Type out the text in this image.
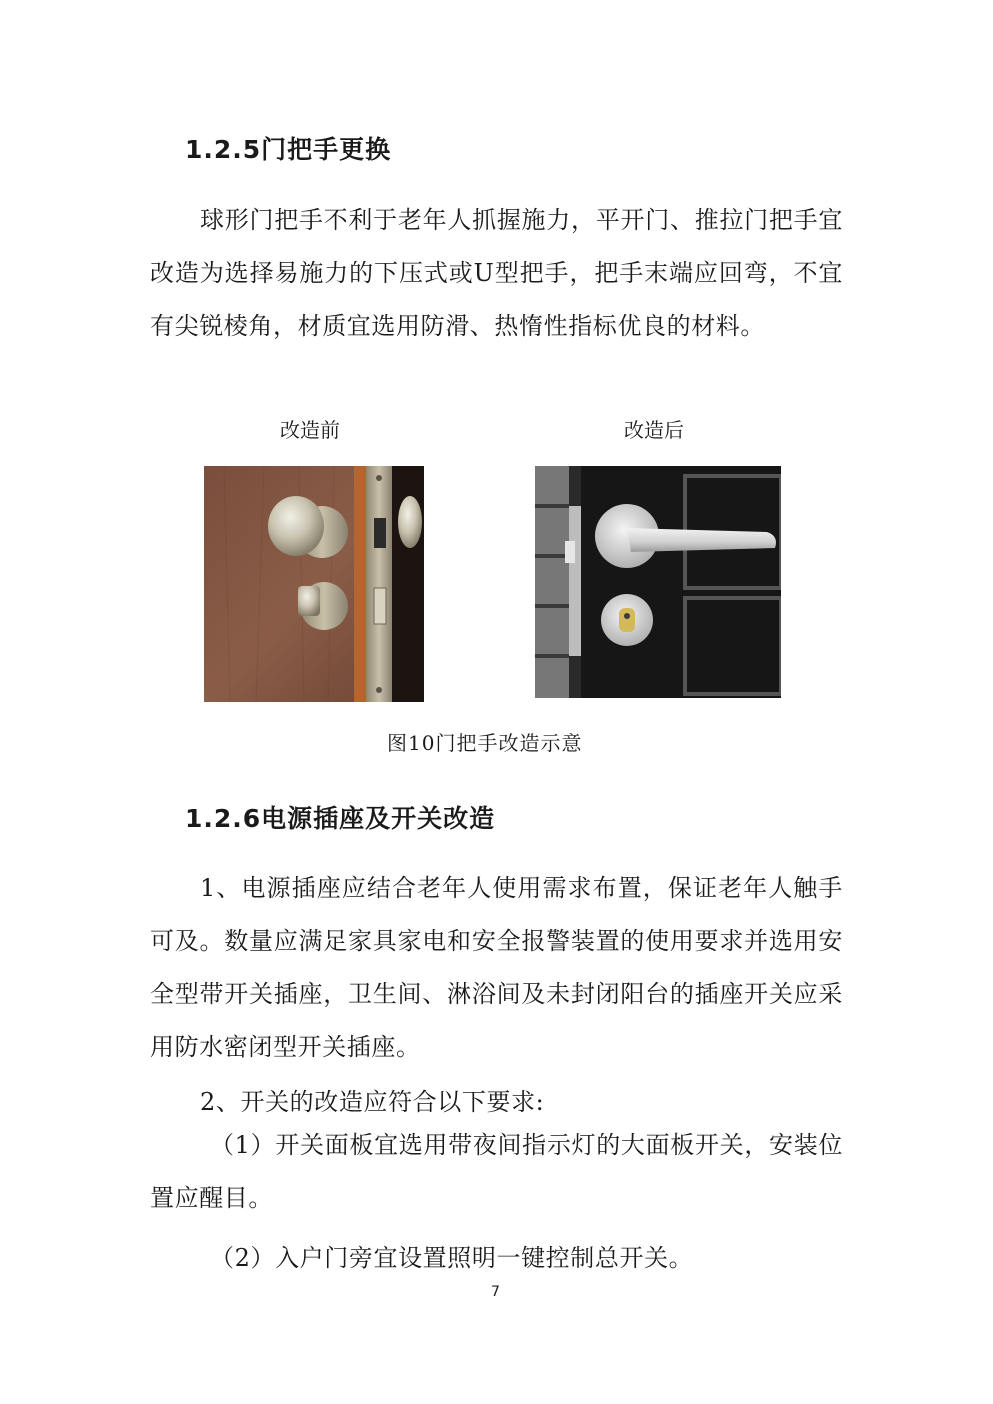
1.2.5门把手更换

球形门把手不利于老年人抓握施力，平开门、推拉门把手宜改造为选择易施力的下压式或U型把手，把手末端应回弯，不宜有尖锐棱角，材质宜选用防滑、热惰性指标优良的材料。

改造前	改造后
图10门把手改造示意
1.2.6电源插座及开关改造

1、电源插座应结合老年人使用需求布置，保证老年人触手可及。数量应满足家具家电和安全报警装置的使用要求并选用安全型带开关插座，卫生间、淋浴间及未封闭阳台的插座开关应采用防水密闭型开关插座。

2、开关的改造应符合以下要求:

（1）开关面板宜选用带夜间指示灯的大面板开关，安装位置应醒目。

（2）入户门旁宜设置照明一键控制总开关。
7
